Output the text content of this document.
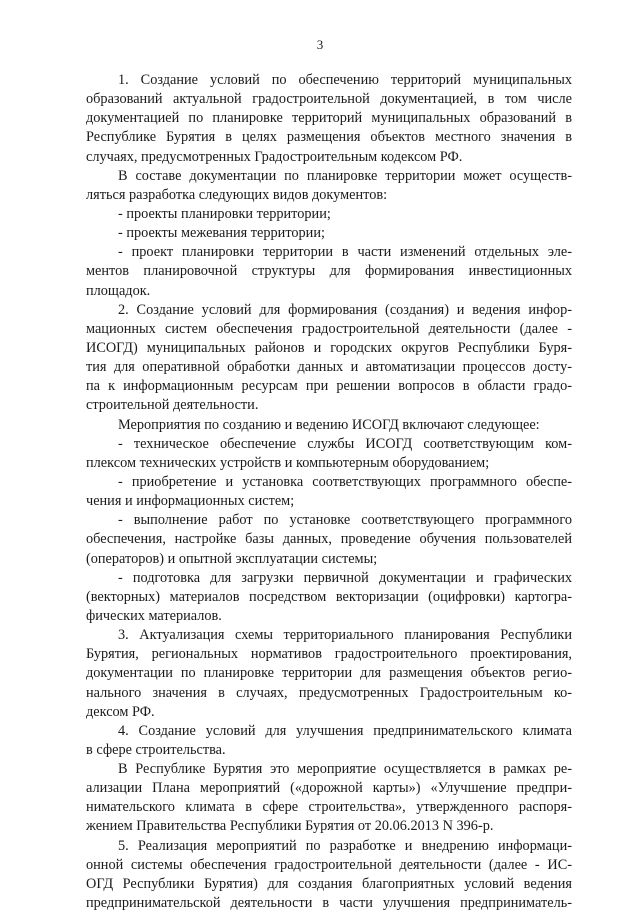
3
1. Создание условий по обеспечению территорий муниципальных
образований актуальной градостроительной документацией, в том числе
документацией по планировке территорий муниципальных образований в
Республике Бурятия в целях размещения объектов местного значения в
случаях, предусмотренных Градостроительным кодексом РФ.
В составе документации по планировке территории может осуществ-
ляться разработка следующих видов документов:
- проекты планировки территории;
- проекты межевания территории;
- проект планировки территории в части изменений отдельных эле-
ментов планировочной структуры для формирования инвестиционных
площадок.
2. Создание условий для формирования (создания) и ведения инфор-
мационных систем обеспечения градостроительной деятельности (далее -
ИСОГД) муниципальных районов и городских округов Республики Буря-
тия для оперативной обработки данных и автоматизации процессов досту-
па к информационным ресурсам при решении вопросов в области градо-
строительной деятельности.
Мероприятия по созданию и ведению ИСОГД включают следующее:
- техническое обеспечение службы ИСОГД соответствующим ком-
плексом технических устройств и компьютерным оборудованием;
- приобретение и установка соответствующих программного обеспе-
чения и информационных систем;
- выполнение работ по установке соответствующего программного
обеспечения, настройке базы данных, проведение обучения пользователей
(операторов) и опытной эксплуатации системы;
- подготовка для загрузки первичной документации и графических
(векторных) материалов посредством векторизации (оцифровки) картогра-
фических материалов.
3. Актуализация схемы территориального планирования Республики
Бурятия, региональных нормативов градостроительного проектирования,
документации по планировке территории для размещения объектов регио-
нального значения в случаях, предусмотренных Градостроительным ко-
дексом РФ.
4. Создание условий для улучшения предпринимательского климата
в сфере строительства.
В Республике Бурятия это мероприятие осуществляется в рамках ре-
ализации Плана мероприятий («дорожной карты») «Улучшение предпри-
нимательского климата в сфере строительства», утвержденного распоря-
жением Правительства Республики Бурятия от 20.06.2013 N 396-р.
5. Реализация мероприятий по разработке и внедрению информаци-
онной системы обеспечения градостроительной деятельности (далее - ИС-
ОГД Республики Бурятия) для создания благоприятных условий ведения
предпринимательской деятельности в части улучшения предприниматель-
